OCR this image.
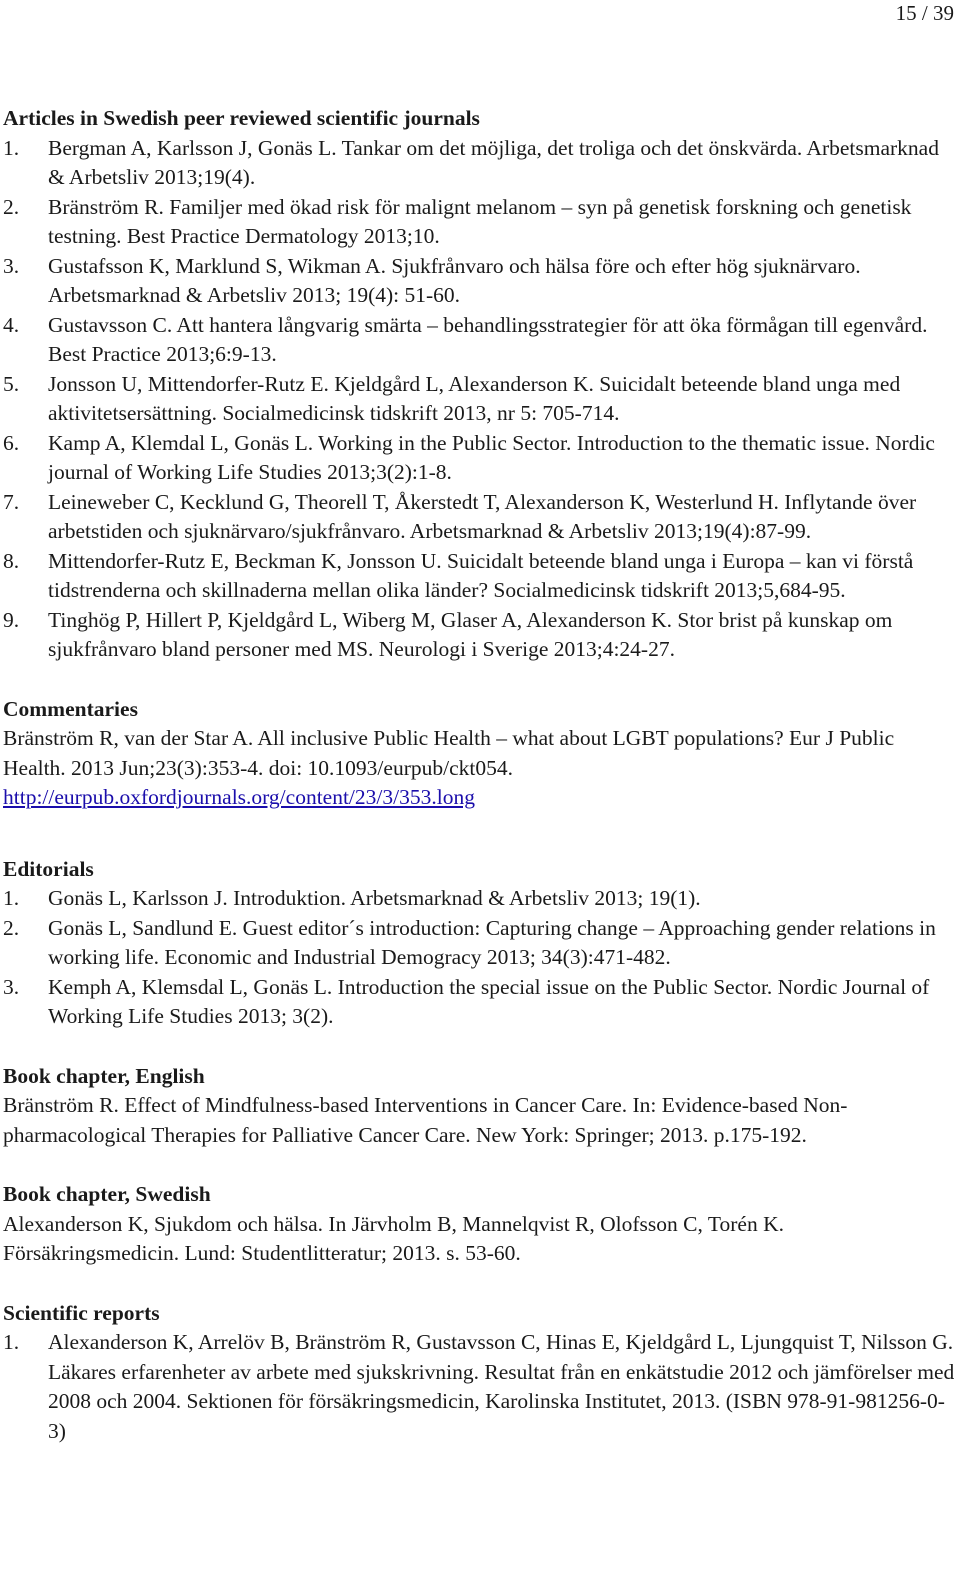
15 / 39
Articles in Swedish peer reviewed scientific journals
1. Bergman A, Karlsson J, Gonäs L. Tankar om det möjliga, det troliga och det önskvärda. Arbetsmarknad & Arbetsliv 2013;19(4).
2. Bränström R. Familjer med ökad risk för malignt melanom – syn på genetisk forskning och genetisk testning. Best Practice Dermatology 2013;10.
3. Gustafsson K, Marklund S, Wikman A. Sjukfrånvaro och hälsa före och efter hög sjuknärvaro. Arbetsmarknad & Arbetsliv 2013; 19(4): 51-60.
4. Gustavsson C. Att hantera långvarig smärta – behandlingsstrategier för att öka förmågan till egenvård. Best Practice 2013;6:9-13.
5. Jonsson U, Mittendorfer-Rutz E. Kjeldgård L, Alexanderson K. Suicidalt beteende bland unga med aktivitetsersättning. Socialmedicinsk tidskrift 2013, nr 5: 705-714.
6. Kamp A, Klemdal L, Gonäs L. Working in the Public Sector. Introduction to the thematic issue. Nordic journal of Working Life Studies 2013;3(2):1-8.
7. Leineweber C, Kecklund G, Theorell T, Åkerstedt T, Alexanderson K, Westerlund H. Inflytande över arbetstiden och sjuknärvaro/sjukfrånvaro. Arbetsmarknad & Arbetsliv 2013;19(4):87-99.
8. Mittendorfer-Rutz E, Beckman K, Jonsson U. Suicidalt beteende bland unga i Europa – kan vi förstå tidstrenderna och skillnaderna mellan olika länder? Socialmedicinsk tidskrift 2013;5,684-95.
9. Tinghög P, Hillert P, Kjeldgård L, Wiberg M, Glaser A, Alexanderson K. Stor brist på kunskap om sjukfrånvaro bland personer med MS. Neurologi i Sverige 2013;4:24-27.
Commentaries

Bränström R, van der Star A. All inclusive Public Health – what about LGBT populations? Eur J Public Health. 2013 Jun;23(3):353-4. doi: 10.1093/eurpub/ckt054.

http://eurpub.oxfordjournals.org/content/23/3/353.long

Editorials
1. Gonäs L, Karlsson J. Introduktion. Arbetsmarknad & Arbetsliv 2013; 19(1).
2. Gonäs L, Sandlund E. Guest editor´s introduction: Capturing change – Approaching gender relations in working life. Economic and Industrial Demogracy 2013; 34(3):471-482.
3. Kemph A, Klemsdal L, Gonäs L. Introduction the special issue on the Public Sector. Nordic Journal of Working Life Studies 2013; 3(2).
Book chapter, English

Bränström R. Effect of Mindfulness-based Interventions in Cancer Care. In: Evidence-based Non-pharmacological Therapies for Palliative Cancer Care. New York: Springer; 2013. p.175-192.

Book chapter, Swedish

Alexanderson K, Sjukdom och hälsa. In Järvholm B, Mannelqvist R, Olofsson C, Torén K. Försäkringsmedicin. Lund: Studentlitteratur; 2013. s. 53-60.

Scientific reports
1. Alexanderson K, Arrelöv B, Bränström R, Gustavsson C, Hinas E, Kjeldgård L, Ljungquist T, Nilsson G. Läkares erfarenheter av arbete med sjukskrivning. Resultat från en enkätstudie 2012 och jämförelser med 2008 och 2004. Sektionen för försäkringsmedicin, Karolinska Institutet, 2013. (ISBN 978-91-981256-0-3)
